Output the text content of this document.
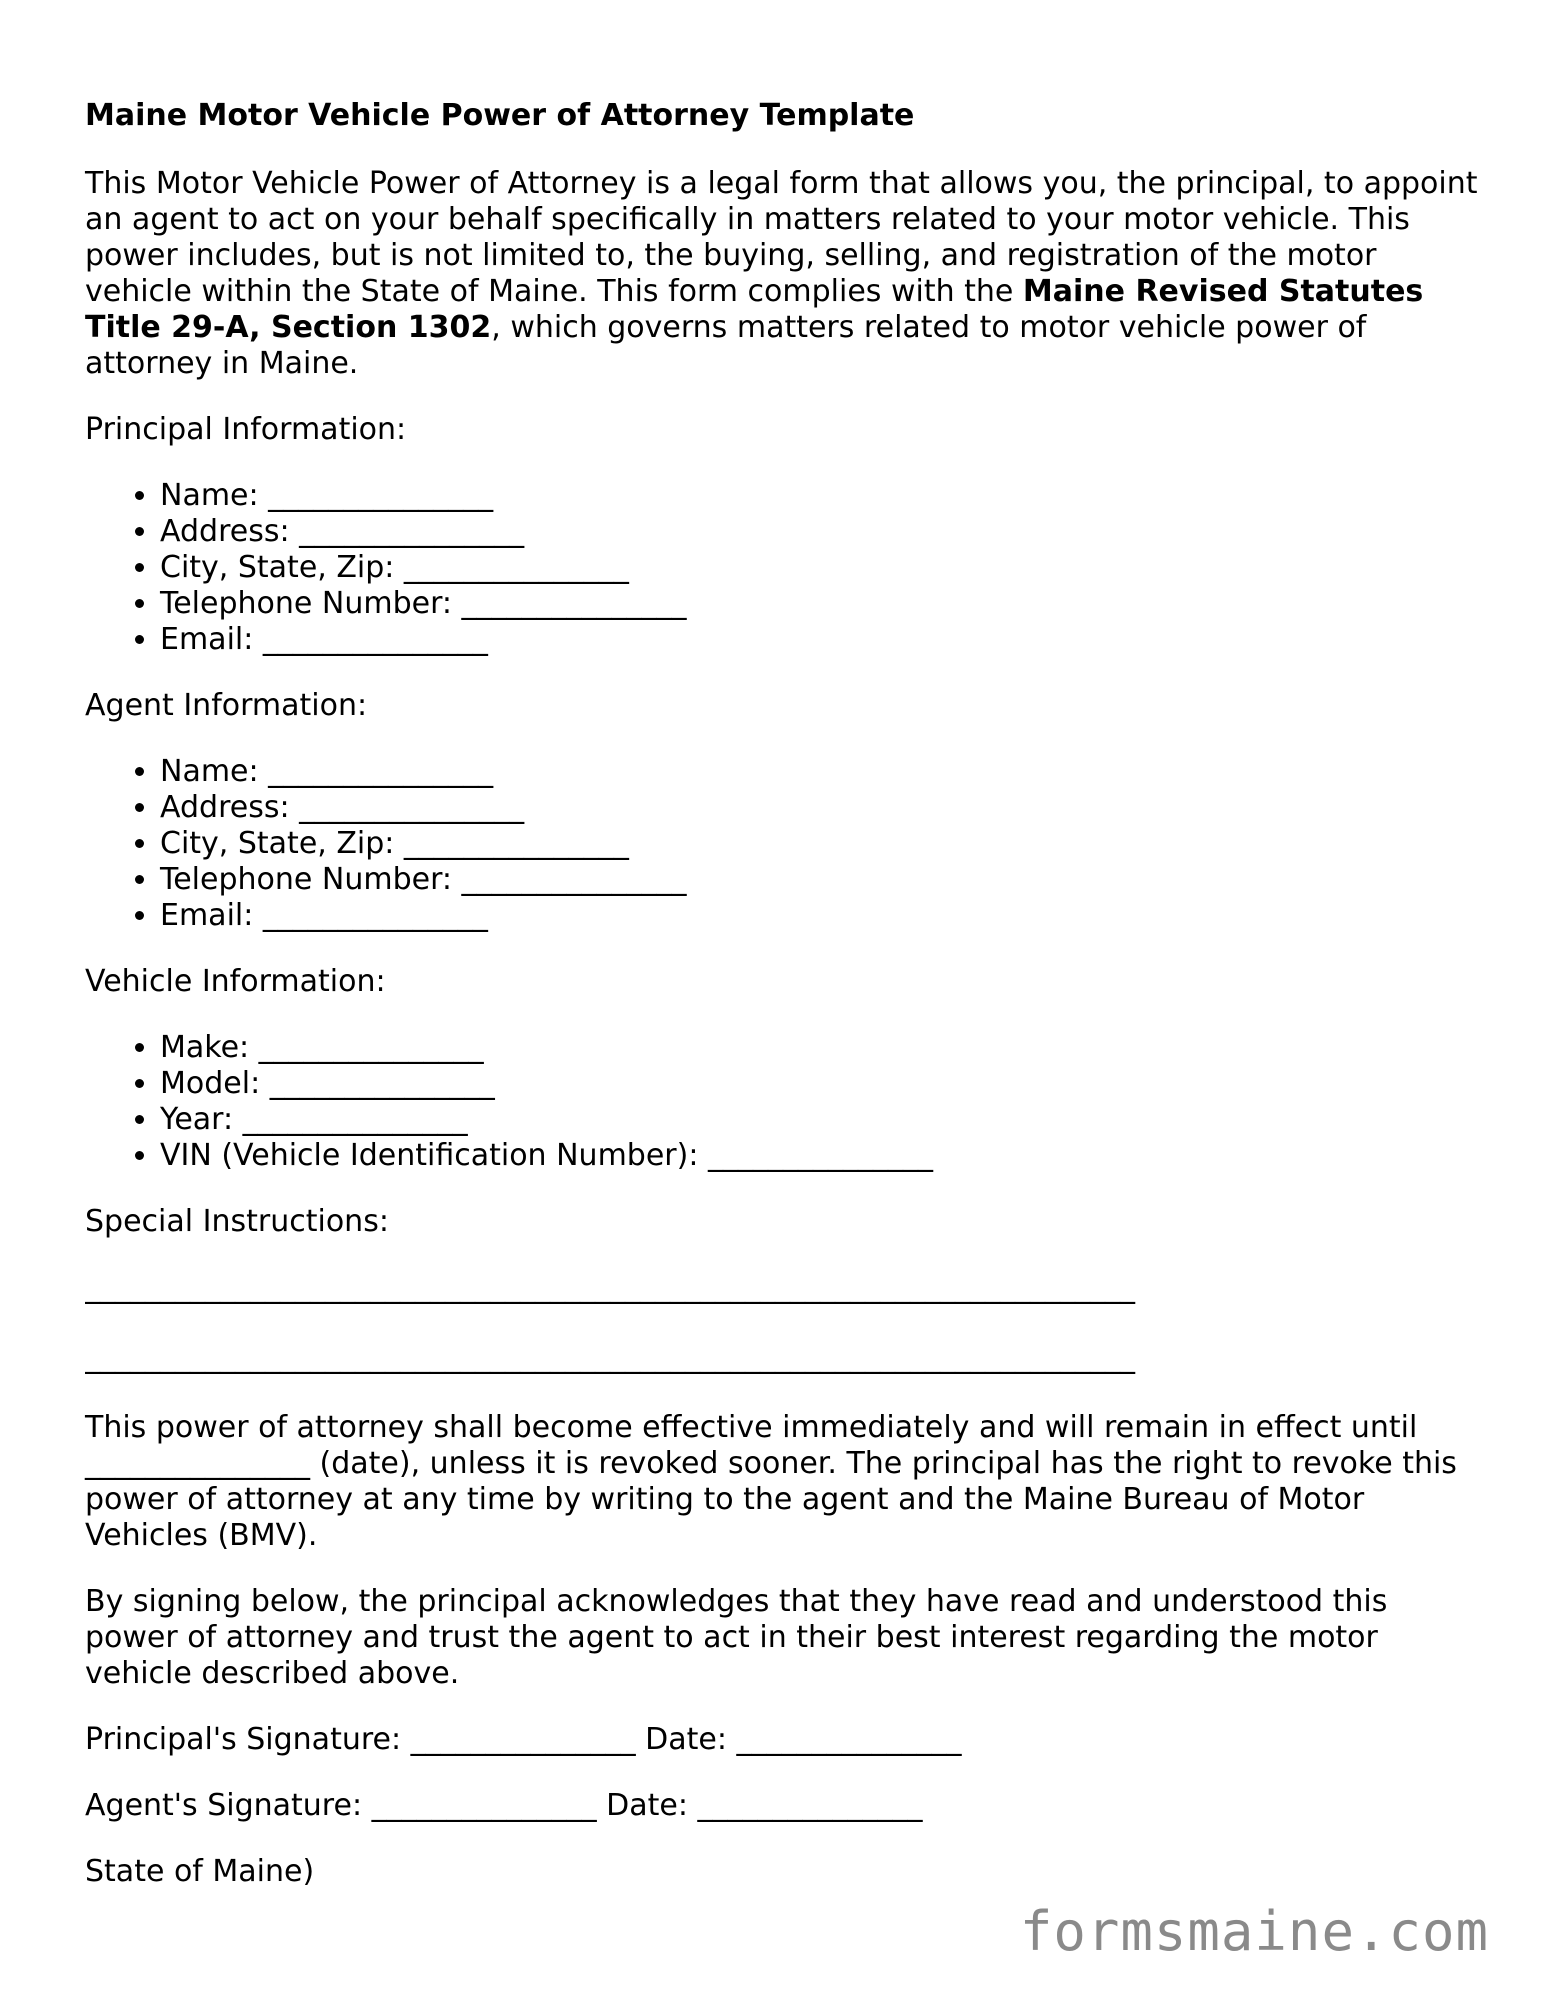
Maine Motor Vehicle Power of Attorney Template

This Motor Vehicle Power of Attorney is a legal form that allows you, the principal, to appoint an agent to act on your behalf specifically in matters related to your motor vehicle. This power includes, but is not limited to, the buying, selling, and registration of the motor vehicle within the State of Maine. This form complies with the Maine Revised Statutes Title 29-A, Section 1302, which governs matters related to motor vehicle power of attorney in Maine.

Principal Information:

• Name: _______________
• Address: _______________
• City, State, Zip: _______________
• Telephone Number: _______________
• Email: _______________

Agent Information:

• Name: _______________
• Address: _______________
• City, State, Zip: _______________
• Telephone Number: _______________
• Email: _______________

Vehicle Information:

• Make: _______________
• Model: _______________
• Year: _______________
• VIN (Vehicle Identification Number): _______________

Special Instructions:

______________________________________________________________________
______________________________________________________________________

This power of attorney shall become effective immediately and will remain in effect until _______________ (date), unless it is revoked sooner. The principal has the right to revoke this power of attorney at any time by writing to the agent and the Maine Bureau of Motor Vehicles (BMV).

By signing below, the principal acknowledges that they have read and understood this power of attorney and trust the agent to act in their best interest regarding the motor vehicle described above.

Principal's Signature: _______________ Date: _______________

Agent's Signature: _______________ Date: _______________

State of Maine)

formsmaine.com
